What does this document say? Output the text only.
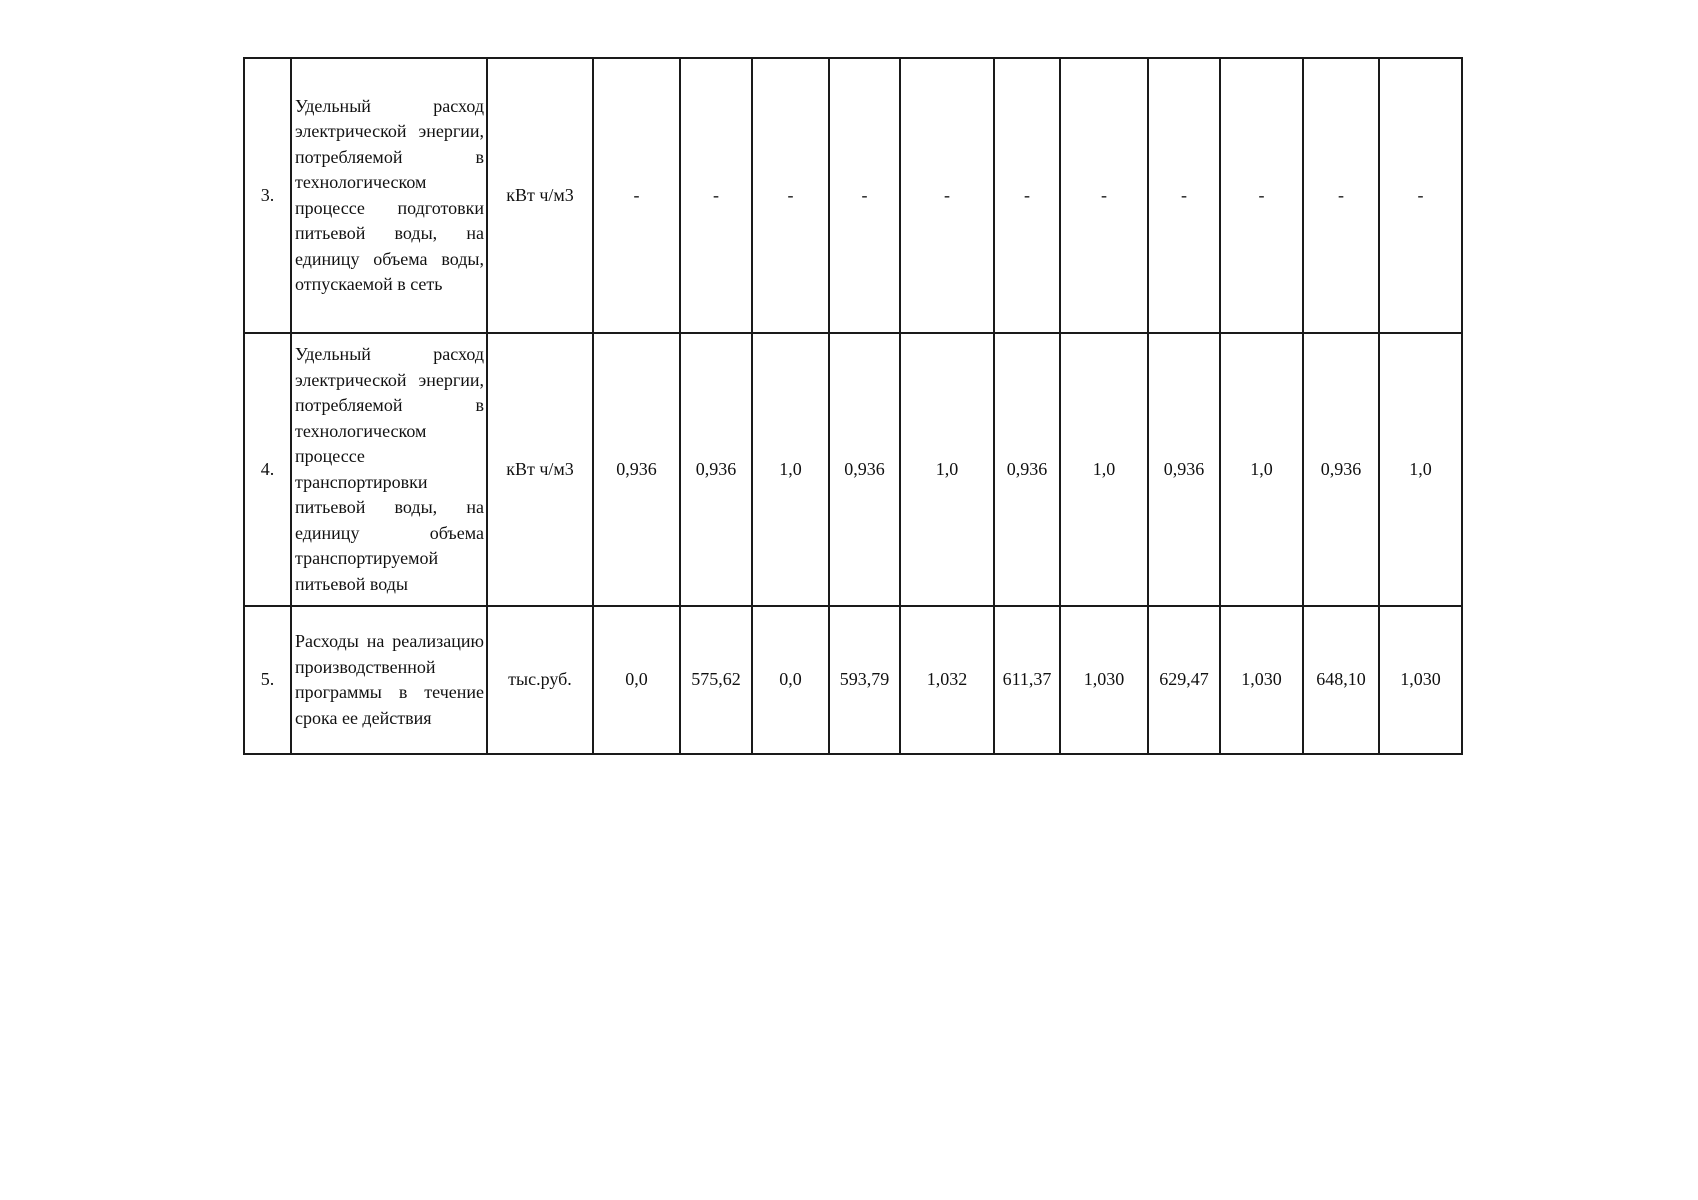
3.	Удельный расход электрической энергии, потребляемой в технологическом процессе подготовки питьевой воды, на единицу объема воды, отпускаемой в сеть	кВт ч/м3	-	-	-	-	-	-	-	-	-	-	-
4.	Удельный расход электрической энергии, потребляемой в технологическом процессе транспортировки питьевой воды, на единицу объема транспортируемой питьевой воды	кВт ч/м3	0,936	0,936	1,0	0,936	1,0	0,936	1,0	0,936	1,0	0,936	1,0
5.	Расходы на реализацию производственной программы в течение срока ее действия	тыс.руб.	0,0	575,62	0,0	593,79	1,032	611,37	1,030	629,47	1,030	648,10	1,030
